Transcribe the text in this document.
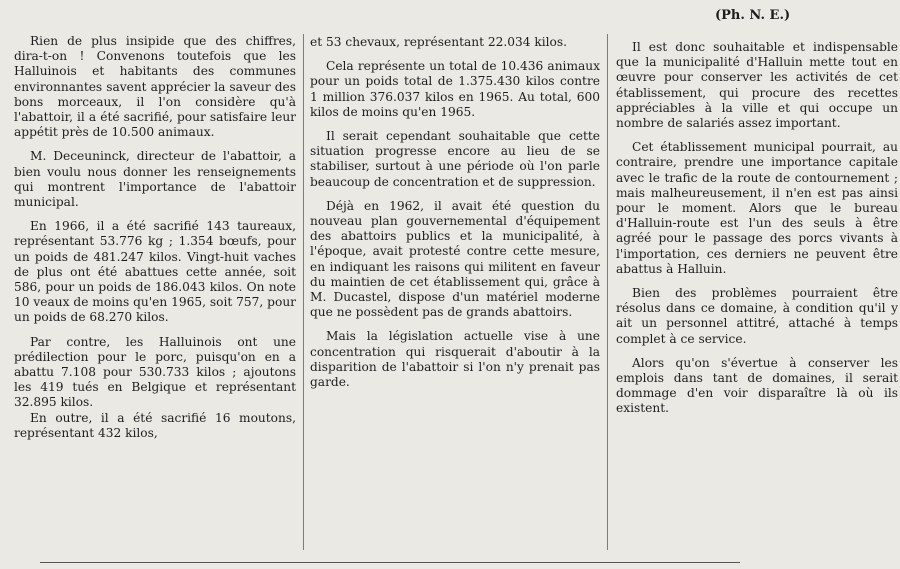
(Ph. N. E.)

Rien de plus insipide que des chiffres, dira-t-on ! Convenons toutefois que les Halluinois et habitants des communes environnantes savent apprécier la saveur des bons morceaux, il l'on considère qu'à l'abattoir, il a été sacrifié, pour satisfaire leur appétit près de 10.500 animaux.

M. Deceuninck, directeur de l'abattoir, a bien voulu nous donner les renseignements qui montrent l'importance de l'abattoir municipal.

En 1966, il a été sacrifié 143 taureaux, représentant 53.776 kg ; 1.354 bœufs, pour un poids de 481.247 kilos. Vingt-huit vaches de plus ont été abattues cette année, soit 586, pour un poids de 186.043 kilos. On note 10 veaux de moins qu'en 1965, soit 757, pour un poids de 68.270 kilos.

Par contre, les Halluinois ont une prédilection pour le porc, puisqu'on en a abattu 7.108 pour 530.733 kilos ; ajoutons les 419 tués en Belgique et représentant 32.895 kilos.

En outre, il a été sacrifié 16 moutons, représentant 432 kilos,

et 53 chevaux, représentant 22.034 kilos.

Cela représente un total de 10.436 animaux pour un poids total de 1.375.430 kilos contre 1 million 376.037 kilos en 1965. Au total, 600 kilos de moins qu'en 1965.

Il serait cependant souhaitable que cette situation progresse encore au lieu de se stabiliser, surtout à une période où l'on parle beaucoup de concentration et de suppression.

Déjà en 1962, il avait été question du nouveau plan gouvernemental d'équipement des abattoirs publics et la municipalité, à l'époque, avait protesté contre cette mesure, en indiquant les raisons qui militent en faveur du maintien de cet établissement qui, grâce à M. Ducastel, dispose d'un matériel moderne que ne possèdent pas de grands abattoirs.

Mais la législation actuelle vise à une concentration qui risquerait d'aboutir à la disparition de l'abattoir si l'on n'y prenait pas garde.

Il est donc souhaitable et indispensable que la municipalité d'Halluin mette tout en œuvre pour conserver les activités de cet établissement, qui procure des recettes appréciables à la ville et qui occupe un nombre de salariés assez important.

Cet établissement municipal pourrait, au contraire, prendre une importance capitale avec le trafic de la route de contournement ; mais malheureusement, il n'en est pas ainsi pour le moment. Alors que le bureau d'Halluin-route est l'un des seuls à être agréé pour le passage des porcs vivants à l'importation, ces derniers ne peuvent être abattus à Halluin.

Bien des problèmes pourraient être résolus dans ce domaine, à condition qu'il y ait un personnel attitré, attaché à temps complet à ce service.

Alors qu'on s'évertue à conserver les emplois dans tant de domaines, il serait dommage d'en voir disparaître là où ils existent.
